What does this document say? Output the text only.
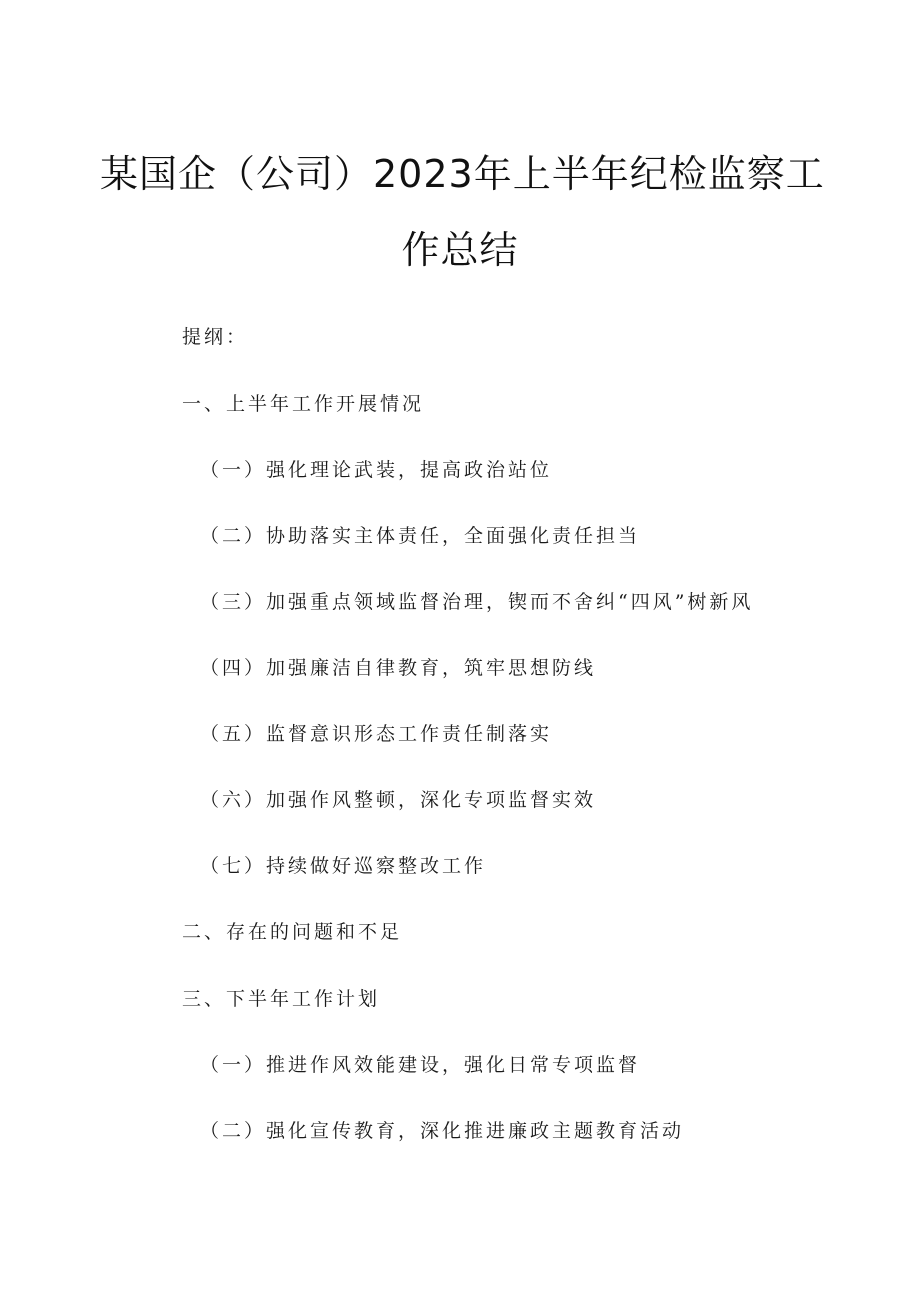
某国企（公司）2023年上半年纪检监察工
作总结
提纲：
一、上半年工作开展情况
（一）强化理论武装，提高政治站位
（二）协助落实主体责任，全面强化责任担当
（三）加强重点领域监督治理，锲而不舍纠“四风”树新风
（四）加强廉洁自律教育，筑牢思想防线
（五）监督意识形态工作责任制落实
（六）加强作风整顿，深化专项监督实效
（七）持续做好巡察整改工作
二、存在的问题和不足
三、下半年工作计划
（一）推进作风效能建设，强化日常专项监督
（二）强化宣传教育，深化推进廉政主题教育活动
